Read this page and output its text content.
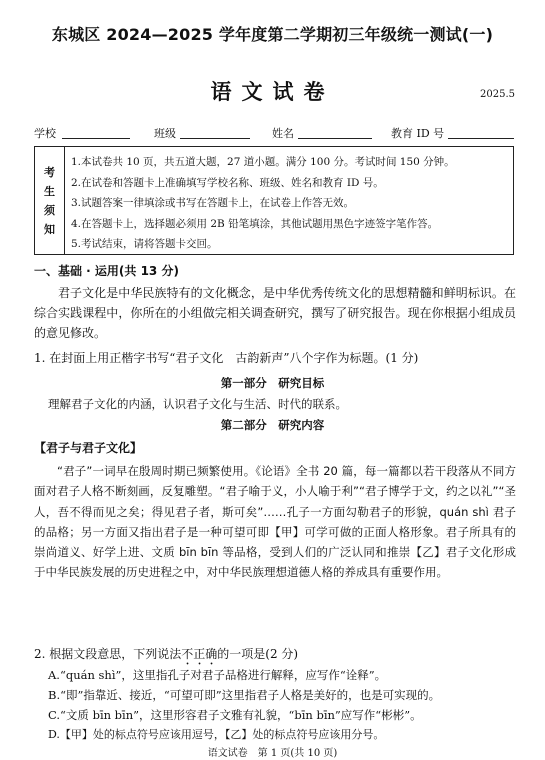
东城区 2024—2025 学年度第二学期初三年级统一测试(一)
语文试卷	2025.5
学校	班级	姓名	教育 ID 号
考
生
须
知
1.本试卷共 10 页，共五道大题，27 道小题。满分 100 分。考试时间 150 分钟。
2.在试卷和答题卡上准确填写学校名称、班级、姓名和教育 ID 号。
3.试题答案一律填涂或书写在答题卡上，在试卷上作答无效。
4.在答题卡上，选择题必须用 2B 铅笔填涂，其他试题用黑色字迹签字笔作答。
5.考试结束，请将答题卡交回。
一、基础 · 运用(共 13 分)
君子文化是中华民族特有的文化概念，是中华优秀传统文化的思想精髓和鲜明标识。在综合实践课程中，你所在的小组做完相关调查研究，撰写了研究报告。现在你根据小组成员的意见修改。
1. 在封面上用正楷字书写“君子文化　古韵新声”八个字作为标题。(1 分)
第一部分　研究目标
理解君子文化的内涵，认识君子文化与生活、时代的联系。
第二部分　研究内容
【君子与君子文化】
“君子”一词早在殷周时期已频繁使用。《论语》全书 20 篇，每一篇都以若干段落从不同方面对君子人格不断刻画，反复雕塑。“君子喻于义，小人喻于利”“君子博学于文，约之以礼”“圣人，吾不得而见之矣；得见君子者，斯可矣”……孔子一方面勾勒君子的形貌，quán shì 君子的品格；另一方面又指出君子是一种可望可即【甲】可学可做的正面人格形象。君子所具有的崇尚道义、好学上进、文质 bīn bīn 等品格，受到人们的广泛认同和推崇【乙】君子文化形成于中华民族发展的历史进程之中，对中华民族理想道德人格的养成具有重要作用。
2. 根据文段意思，下列说法不正确的一项是(2 分)
A.“quán shì”，这里指孔子对君子品格进行解释，应写作“诠释”。
B.“即”指靠近、接近，“可望可即”这里指君子人格是美好的，也是可实现的。
C.“文质 bīn bīn”，这里形容君子文雅有礼貌，“bīn bīn”应写作“彬彬”。
D.【甲】处的标点符号应该用逗号，【乙】处的标点符号应该用分号。
语文试卷　第 1 页(共 10 页)
